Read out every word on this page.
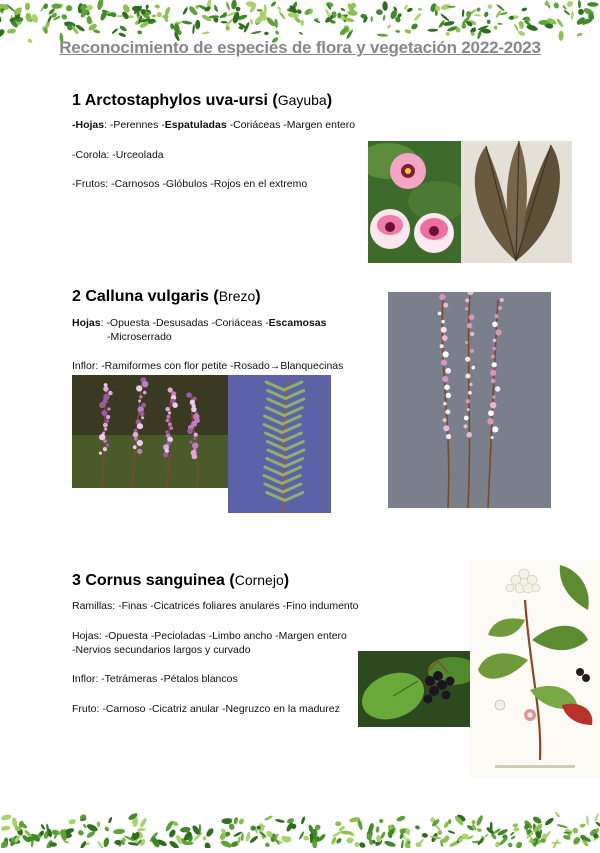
Reconocimiento de especies de flora y vegetación 2022-2023
1 Arctostaphylos uva-ursi (Gayuba)
-Hojas: -Perennes -Espatuladas -Coriáceas -Margen entero
-Corola: -Urceolada
-Frutos: -Carnosos -Glóbulos -Rojos en el extremo
2 Calluna vulgaris (Brezo)
Hojas: -Opuesta -Desusadas -Coriáceas -Escamosas
-Microserrado
Inflor: -Ramiformes con flor petite -Rosado→Blanquecinas
3 Cornus sanguinea (Cornejo)
Ramillas: -Finas -Cicatrices foliares anulares -Fino indumento
Hojas: -Opuesta -Pecioladas -Limbo ancho -Margen entero
-Nervios secundarios largos y curvado
Inflor: -Tetrámeras -Pétalos blancos
Fruto: -Carnoso -Cicatriz anular -Negruzco en la madurez
